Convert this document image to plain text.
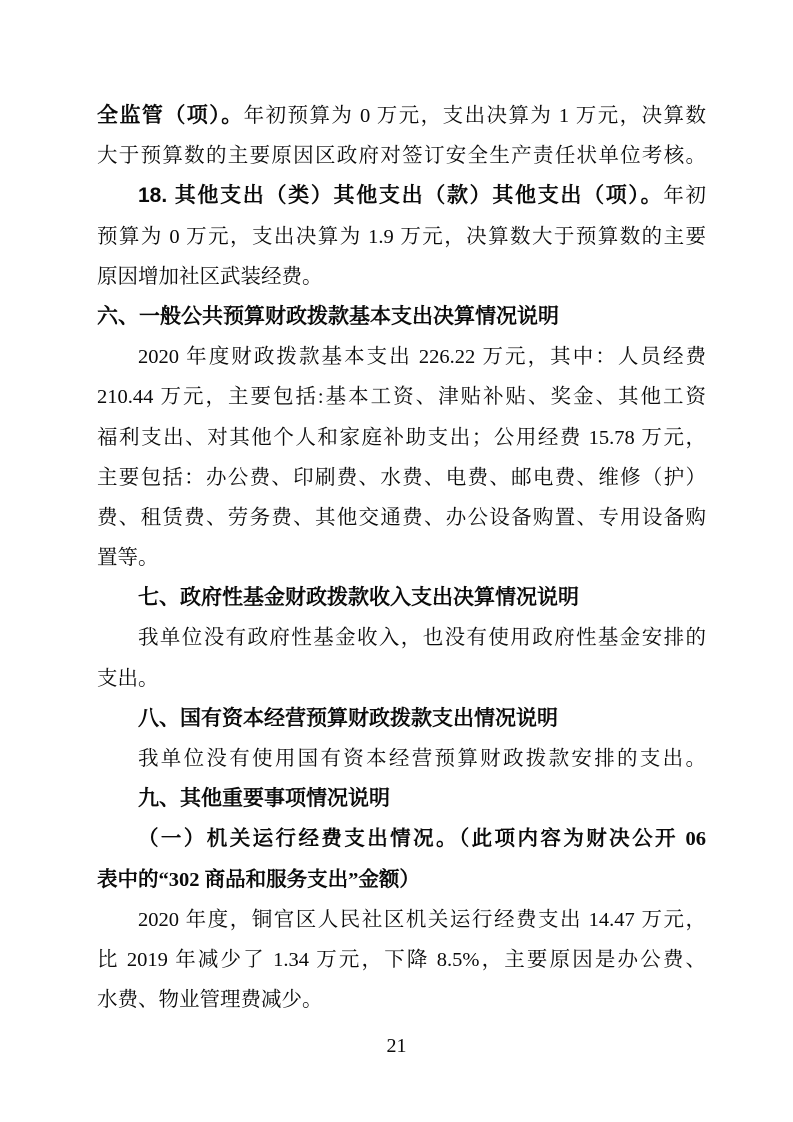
全监管（项）。年初预算为 0 万元，支出决算为 1 万元，决算数
大于预算数的主要原因区政府对签订安全生产责任状单位考核。
18. 其他支出（类）其他支出（款）其他支出（项）。年初
预算为 0 万元，支出决算为 1.9 万元，决算数大于预算数的主要
原因增加社区武装经费。
六、一般公共预算财政拨款基本支出决算情况说明
2020 年度财政拨款基本支出 226.22 万元，其中：人员经费
210.44 万元，主要包括:基本工资、津贴补贴、奖金、其他工资
福利支出、对其他个人和家庭补助支出；公用经费 15.78 万元，
主要包括：办公费、印刷费、水费、电费、邮电费、维修（护）
费、租赁费、劳务费、其他交通费、办公设备购置、专用设备购
置等。
七、政府性基金财政拨款收入支出决算情况说明
我单位没有政府性基金收入，也没有使用政府性基金安排的
支出。
八、国有资本经营预算财政拨款支出情况说明
我单位没有使用国有资本经营预算财政拨款安排的支出。
九、其他重要事项情况说明
（一）机关运行经费支出情况。（此项内容为财决公开 06
表中的“302 商品和服务支出”金额）
2020 年度，铜官区人民社区机关运行经费支出 14.47 万元，
比 2019 年减少了 1.34 万元，下降 8.5%，主要原因是办公费、
水费、物业管理费减少。
21
